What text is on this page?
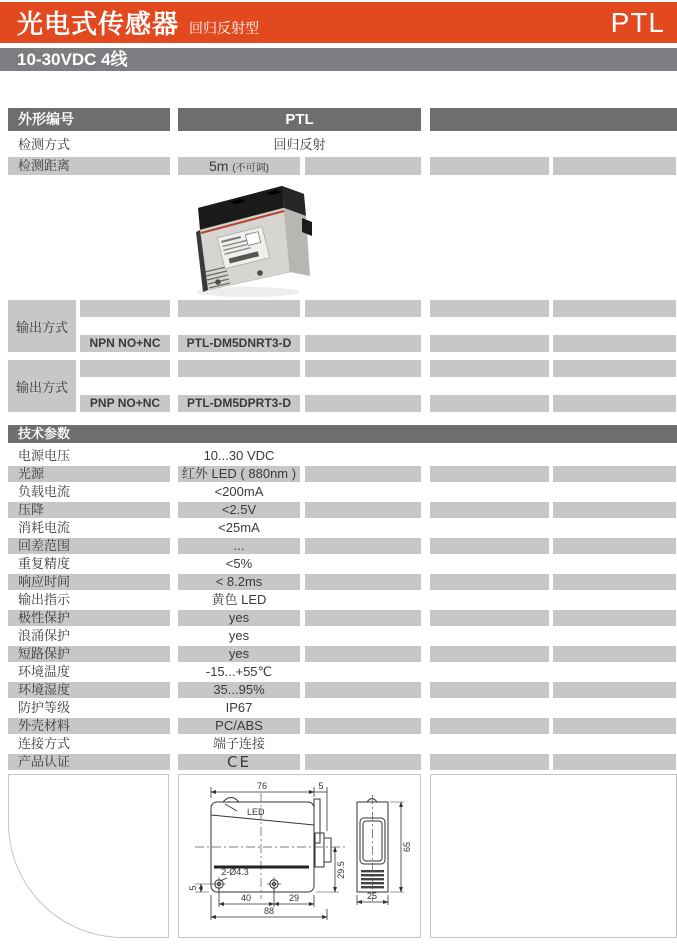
光电式传感器 回归反射型	PTL
10-30VDC 4线
外形编号	PTL
检测方式	回归反射
检测距离	5m (不可调)
输出方式
NPN NO+NC	PTL-DM5DNRT3-D
输出方式
PNP NO+NC	PTL-DM5DPRT3-D
技术参数
电源电压	10...30 VDC
光源	红外 LED ( 880nm )
负载电流	<200mA
压降	<2.5V
消耗电流	<25mA
回差范围	...
重复精度	<5%
响应时间	< 8.2ms
输出指示	黄色 LED
极性保护	yes
浪涌保护	yes
短路保护	yes
环境温度	-15...+55℃
环境湿度	35...95%
防护等级	IP67
外壳材料	PC/ABS
连接方式	端子连接
产品认证	CE
76	5
40	29
88
25
LED
2-Ø4.3
5
29.5
65
